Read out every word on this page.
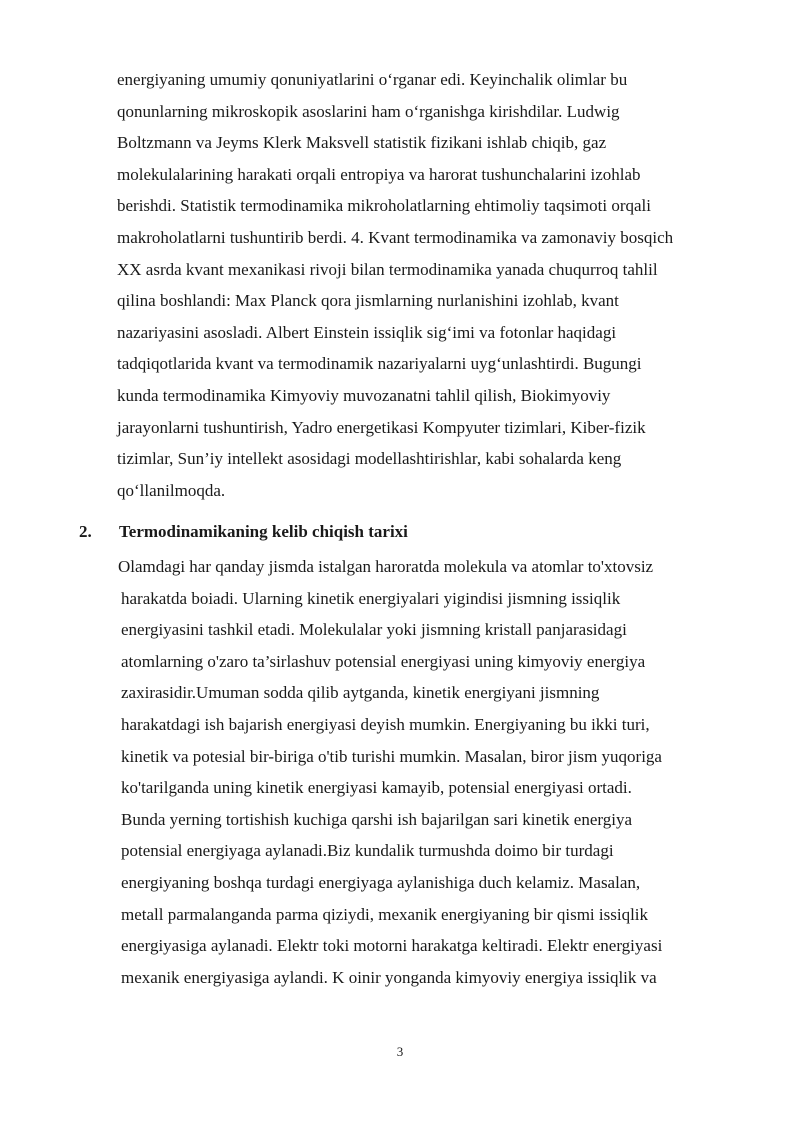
energiyaning umumiy qonuniyatlarini o‘rganar edi. Keyinchalik olimlar bu
qonunlarning mikroskopik asoslarini ham o‘rganishga kirishdilar. Ludwig
Boltzmann va Jeyms Klerk Maksvell statistik fizikani ishlab chiqib, gaz
molekulalarining harakati orqali entropiya va harorat tushunchalarini izohlab
berishdi. Statistik termodinamika mikroholatlarning ehtimoliy taqsimoti orqali
makroholatlarni tushuntirib berdi. 4. Kvant termodinamika va zamonaviy bosqich
XX asrda kvant mexanikasi rivoji bilan termodinamika yanada chuqurroq tahlil
qilina boshlandi: Max Planck qora jismlarning nurlanishini izohlab, kvant
nazariyasini asosladi. Albert Einstein issiqlik sig‘imi va fotonlar haqidagi
tadqiqotlarida kvant va termodinamik nazariyalarni uyg‘unlashtirdi. Bugungi
kunda termodinamika Kimyoviy muvozanatni tahlil qilish, Biokimyoviy
jarayonlarni tushuntirish, Yadro energetikasi Kompyuter tizimlari, Kiber-fizik
tizimlar, Sun’iy intellekt asosidagi modellashtirishlar, kabi sohalarda keng
qo‘llanilmoqda.

2. Termodinamikaning kelib chiqish tarixi

Olamdagi har qanday jismda istalgan haroratda molekula va atomlar to'xtovsiz
harakatda boiadi. Ularning kinetik energiyalari yigindisi jismning issiqlik
energiyasini tashkil etadi. Molekulalar yoki jismning kristall panjarasidagi
atomlarning o'zaro ta’sirlashuv potensial energiyasi uning kimyoviy energiya
zaxirasidir.Umuman sodda qilib aytganda, kinetik energiyani jismning
harakatdagi ish bajarish energiyasi deyish mumkin. Energiyaning bu ikki turi,
kinetik va potesial bir-biriga o'tib turishi mumkin. Masalan, biror jism yuqoriga
ko'tarilganda uning kinetik energiyasi kamayib, potensial energiyasi ortadi.
Bunda yerning tortishish kuchiga qarshi ish bajarilgan sari kinetik energiya
potensial energiyaga aylanadi.Biz kundalik turmushda doimo bir turdagi
energiyaning boshqa turdagi energiyaga aylanishiga duch kelamiz. Masalan,
metall parmalanganda parma qiziydi, mexanik energiyaning bir qismi issiqlik
energiyasiga aylanadi. Elektr toki motorni harakatga keltiradi. Elektr energiyasi
mexanik energiyasiga aylandi. K oinir yonganda kimyoviy energiya issiqlik va

3
